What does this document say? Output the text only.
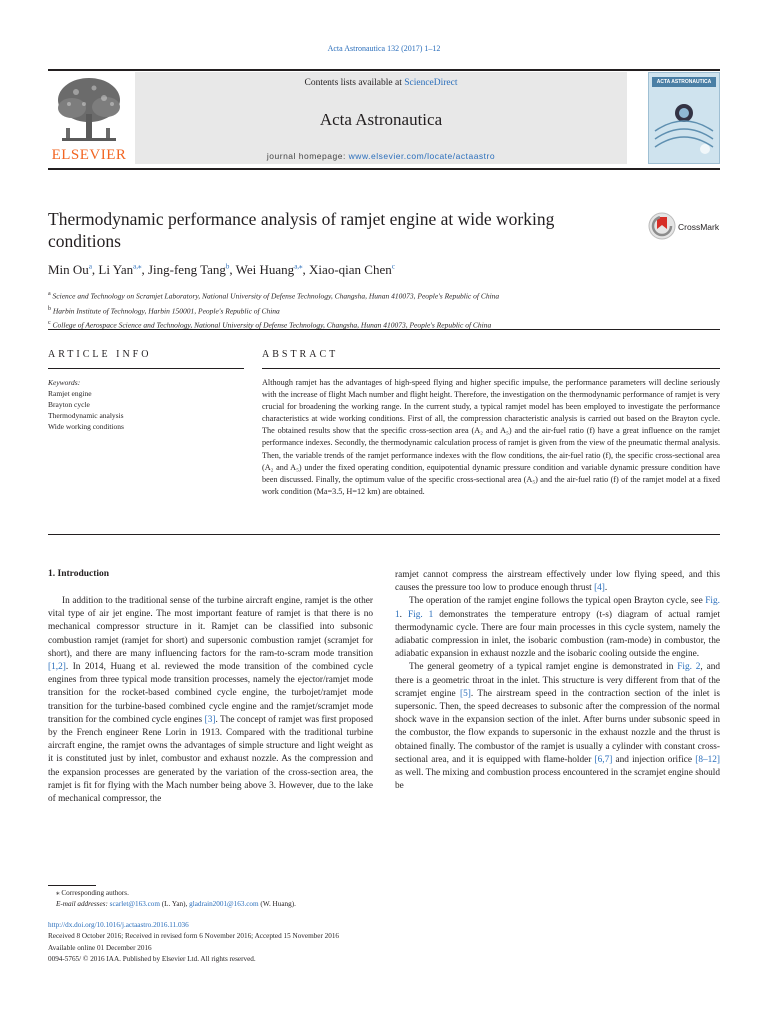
Acta Astronautica 132 (2017) 1–12
ELSEVIER
Contents lists available at ScienceDirect
Acta Astronautica
journal homepage: www.elsevier.com/locate/actaastro
ACTA ASTRONAUTICA
Thermodynamic performance analysis of ramjet engine at wide working conditions
CrossMark
Min Ou$^a$, Li Yan$^{a,⁎}$, Jing-feng Tang$^b$, Wei Huang$^{a,⁎}$, Xiao-qian Chen$^c$
$^a$ Science and Technology on Scramjet Laboratory, National University of Defense Technology, Changsha, Hunan 410073, People's Republic of China
$^b$ Harbin Institute of Technology, Harbin 150001, People's Republic of China
$^c$ College of Aerospace Science and Technology, National University of Defense Technology, Changsha, Hunan 410073, People's Republic of China
ARTICLE INFO
Keywords:
Ramjet engine
Brayton cycle
Thermodynamic analysis
Wide working conditions
ABSTRACT
Although ramjet has the advantages of high-speed flying and higher specific impulse, the performance parameters will decline seriously with the increase of flight Mach number and flight height. Therefore, the investigation on the thermodynamic performance of ramjet is very crucial for broadening the working range. In the current study, a typical ramjet model has been employed to investigate the performance characteristics at wide working conditions. First of all, the compression characteristic analysis is carried out based on the Brayton cycle. The obtained results show that the specific cross-section area (A₂ and A₅) and the air-fuel ratio (f) have a great influence on the ramjet performance indexes. Secondly, the thermodynamic calculation process of ramjet is given from the view of the pneumatic thermal analysis. Then, the variable trends of the ramjet performance indexes with the flow conditions, the air-fuel ratio (f), the specific cross-sectional area (A₂ and A₅) under the fixed operating condition, equipotential dynamic pressure condition and variable dynamic pressure condition have been discussed. Finally, the optimum value of the specific cross-sectional area (A₅) and the air-fuel ratio (f) of the ramjet model at a fixed work condition (Ma=3.5, H=12 km) are obtained.
1. Introduction

In addition to the traditional sense of the turbine aircraft engine, ramjet is the other vital type of air jet engine. The most important feature of ramjet is that there is no mechanical compressor structure in it. Ramjet can be classified into subsonic combustion ramjet (ramjet for short) and supersonic combustion ramjet (scramjet for short), and there are many influencing factors for the ram-to-scram mode transition [1,2]. In 2014, Huang et al. reviewed the mode transition of the combined cycle engines from three typical mode transition processes, namely the ejector/ramjet mode transition for the rocket-based combined cycle engine, the turbojet/ramjet mode transition for the turbine-based combined cycle engine and the ramjet/scramjet mode transition for the combined cycle engines [3]. The concept of ramjet was first proposed by the French engineer Rene Lorin in 1913. Compared with the traditional turbine aircraft engine, the ramjet owns the advantages of simple structure and light weight as it is constituted just by inlet, combustor and exhaust nozzle. As the compression and the expansion processes are generated by the variation of the cross-section area, the ramjet is fit for flying with the Mach number being above 3. However, due to the lake of mechanical compressor, the

ramjet cannot compress the airstream effectively under low flying speed, and this causes the pressure too low to produce enough thrust [4].

The operation of the ramjet engine follows the typical open Brayton cycle, see Fig. 1. Fig. 1 demonstrates the temperature entropy (t-s) diagram of actual ramjet thermodynamic cycle. There are four main processes in this cycle system, namely the adiabatic compression in inlet, the isobaric combustion (ram-mode) in combustor, the adiabatic expansion in exhaust nozzle and the isobaric cooling outside the engine.

The general geometry of a typical ramjet engine is demonstrated in Fig. 2, and there is a geometric throat in the inlet. This structure is very different from that of the scramjet engine [5]. The airstream speed in the contraction section of the inlet is supersonic. Then, the speed decreases to subsonic after the compression of the normal shock wave in the expansion section of the inlet. After burns under subsonic speed in the combustor, the flow expands to supersonic in the exhaust nozzle and the thrust is obtained finally. The combustor of the ramjet is usually a cylinder with constant cross-sectional area, and it is equipped with flame-holder [6,7] and injection orifice [8–12] as well. The mixing and combustion process encountered in the scramjet engine should be

⁎ Corresponding authors.
E-mail addresses: scarlet@163.com (L. Yan), gladrain2001@163.com (W. Huang).
http://dx.doi.org/10.1016/j.actaastro.2016.11.036
Received 8 October 2016; Received in revised form 6 November 2016; Accepted 15 November 2016
Available online 01 December 2016
0094-5765/ © 2016 IAA. Published by Elsevier Ltd. All rights reserved.
